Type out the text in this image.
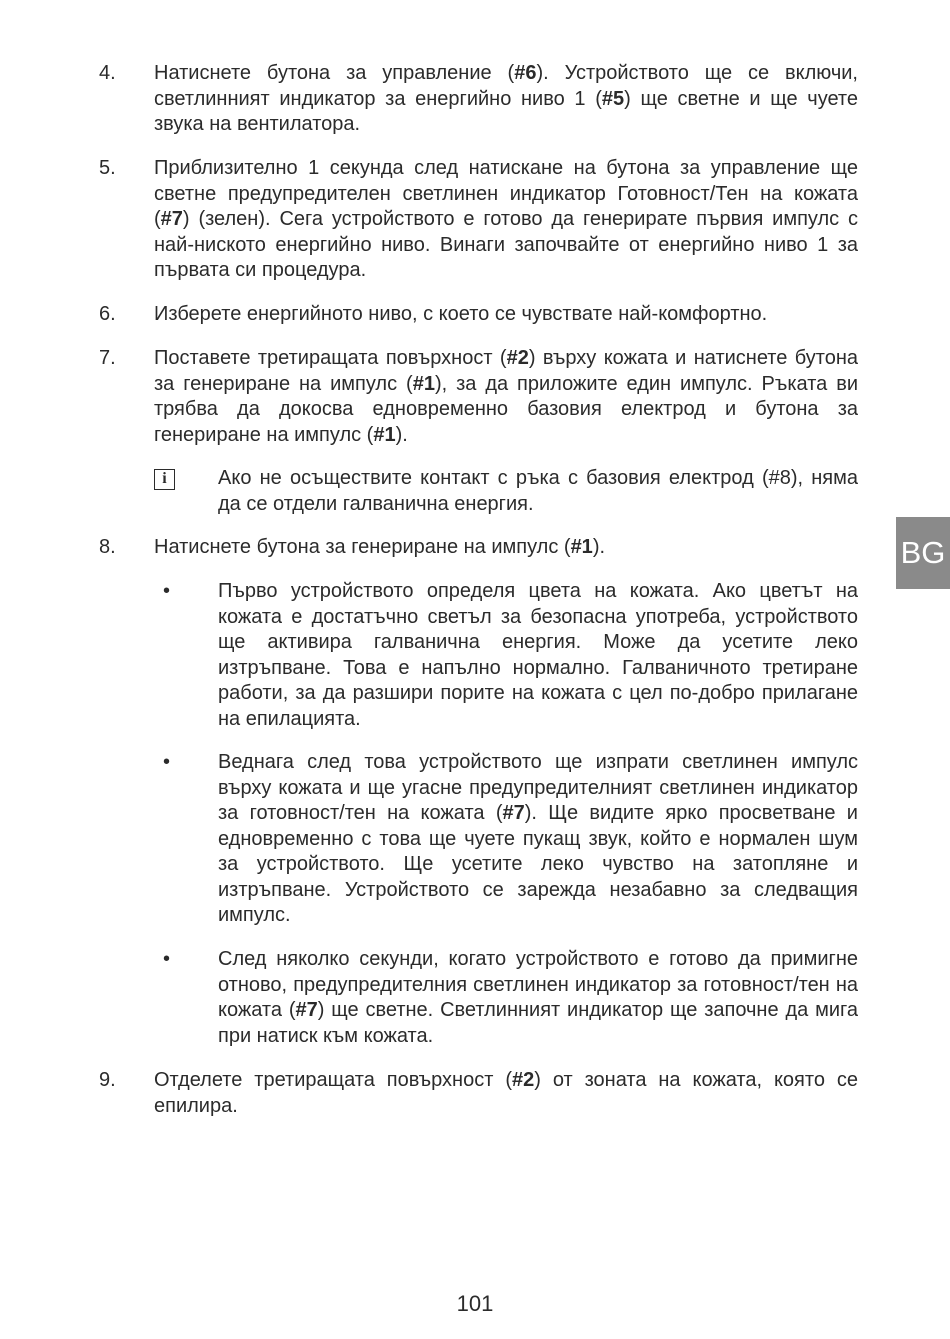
4.	Натиснете бутона за управление (#6). Устройството ще се включи, светлинният индикатор за енергийно ниво 1 (#5) ще светне и ще чуете звука на вентилатора.
5.	Приблизително 1 секунда след натискане на бутона за управление ще светне предупредителен светлинен индикатор Готовност/Тен на кожата (#7) (зелен). Сега устройството е готово да генерирате първия импулс с най-ниското енергийно ниво. Винаги започвайте от енергийно ниво 1 за първата си процедура.
6.	Изберете енергийното ниво, с което се чувствате най-комфортно.
7.	Поставете третиращата повърхност (#2) върху кожата и натиснете бутона за генериране на импулс (#1), за да приложите един импулс. Ръката ви трябва да докосва едновременно базовия електрод и бутона за генериране на импулс (#1).
i	Ако не осъществите контакт с ръка с базовия електрод (#8), няма да се отдели галванична енергия.
8.	Натиснете бутона за генериране на импулс (#1).
• Първо устройството определя цвета на кожата. Ако цветът на кожата е достатъчно светъл за безопасна употреба, устройството ще активира галванична енергия. Може да усетите леко изтръпване. Това е напълно нормално. Галваничното третиране работи, за да разшири порите на кожата с цел по-добро прилагане на епилацията.
• Веднага след това устройството ще изпрати светлинен импулс върху кожата и ще угасне предупредителният светлинен индикатор за готовност/тен на кожата (#7). Ще видите ярко просветване и едновременно с това ще чуете пукащ звук, който е нормален шум за устройството. Ще усетите леко чувство на затопляне и изтръпване. Устройството се зарежда незабавно за следващия импулс.
• След няколко секунди, когато устройството е готово да примигне отново, предупредителния светлинен индикатор за готовност/тен на кожата (#7) ще светне. Светлинният индикатор ще започне да мига при натиск към кожата.
9.	Отделете третиращата повърхност (#2) от зоната на кожата, която се епилира.
BG
101
